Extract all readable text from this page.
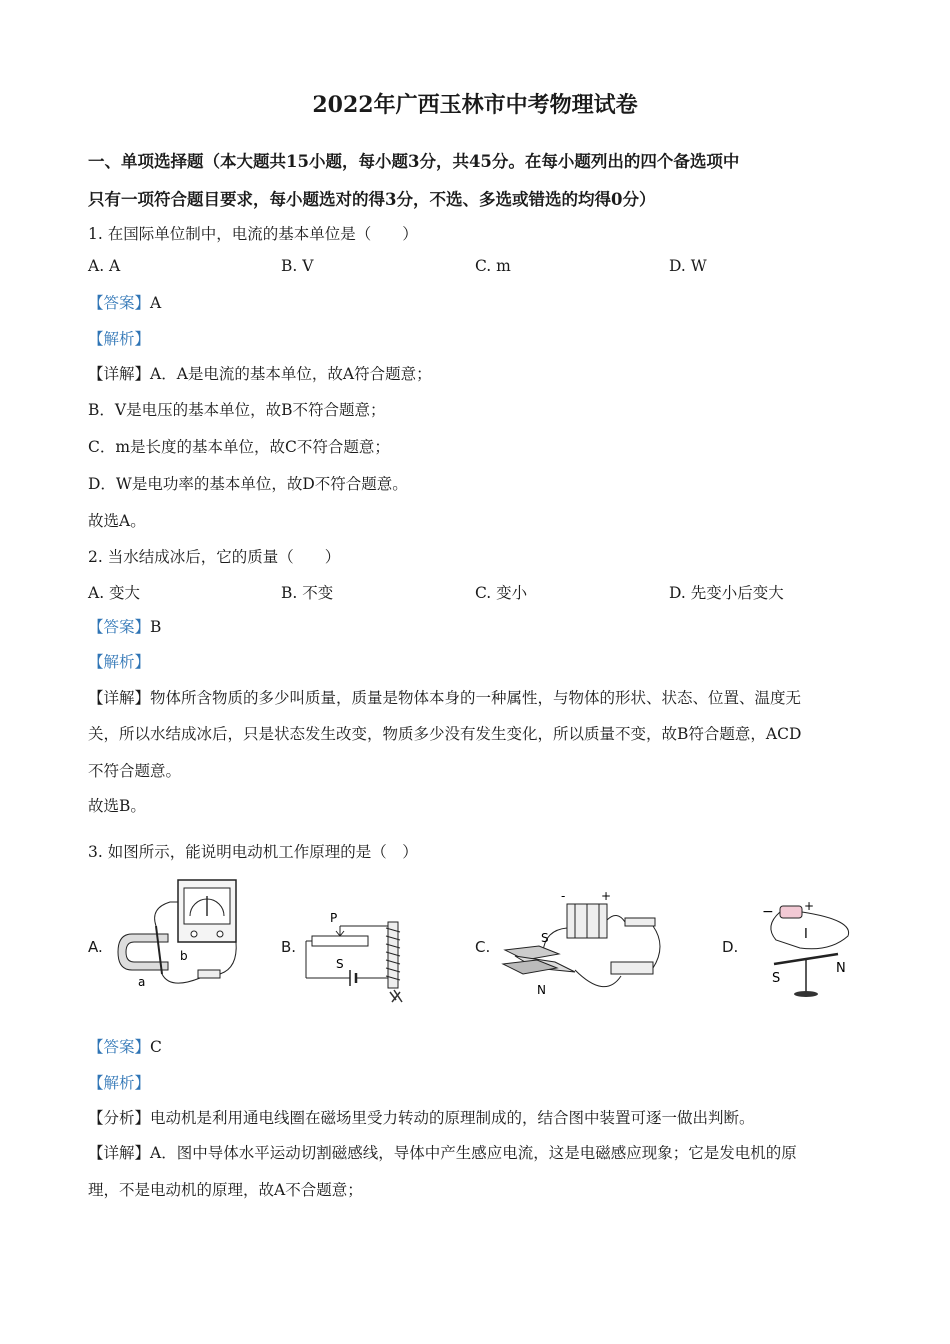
2022年广西玉林市中考物理试卷
一、单项选择题（本大题共15小题，每小题3分，共45分。在每小题列出的四个备选项中
只有一项符合题目要求，每小题选对的得3分，不选、多选或错选的均得0分）
1. 在国际单位制中，电流的基本单位是（　　）
A. A	B. V	C. m	D. W
【答案】A
【解析】
【详解】A．A是电流的基本单位，故A符合题意；
B．V是电压的基本单位，故B不符合题意；
C．m是长度的基本单位，故C不符合题意；
D．W是电功率的基本单位，故D不符合题意。
故选A。
2. 当水结成冰后，它的质量（　　）
A. 变大	B. 不变	C. 变小	D. 先变小后变大
【答案】B
【解析】
【详解】物体所含物质的多少叫质量，质量是物体本身的一种属性，与物体的形状、状态、位置、温度无
关，所以水结成冰后，只是状态发生改变，物质多少没有发生变化，所以质量不变，故B符合题意，ACD
不符合题意。
故选B。
3. 如图所示，能说明电动机工作原理的是（　）
A.	B.	C.	D.
a
b
P
S
-	+
S
N
−	+
I
S
N
【答案】C
【解析】
【分析】电动机是利用通电线圈在磁场里受力转动的原理制成的，结合图中装置可逐一做出判断。
【详解】A．图中导体水平运动切割磁感线，导体中产生感应电流，这是电磁感应现象；它是发电机的原
理，不是电动机的原理，故A不合题意；
